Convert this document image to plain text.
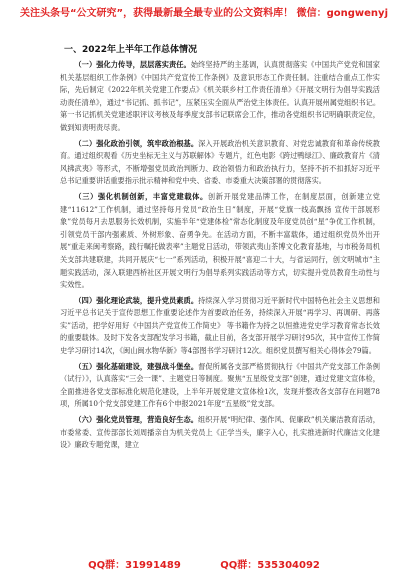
关注头条号“公文研究”，获得最新最全最专业的公文资料库！ 微信：gongwenyj
一、2022年上半年工作总体情况

（一）强化力传导，层层落实责任。始终坚持严的主基调，认真贯彻落实《中国共产党党和国家机关基层组织工作条例》《中国共产党宣传工作条例》及意识形态工作责任制。注重结合重点工作实际，先后制定《2022年机关党建工作要点》《机关联乡村工作责任清单》《开展文明行为倡导实践活动责任清单》，通过“书记抓、抓书记”，压紧压实全面从严治党主体责任。认真开展州属党组织书记。第一书记抓机关党建述职评议考核及每季度支部书记联席会工作，推动各党组织书记明确职责定位，做到知责明责尽责。

（二）强化政治引领，筑牢政治根基。深入开展政治机关意识教育、对党忠诚教育和革命传统教育。通过组织观看《历史坐标无主义与苏联解体》专题片，红色电影《跨过鸭绿江》、廉政教育片《清风拂武夷》等形式，不断增强党员政治判断力、政治领悟力和政治执行力，坚持不折不扣抓好习近平总书记重要讲话重要指示批示精神和党中央、省委、市委重大决策部署的贯彻落实。

（三）强化机制创新，丰富党建载体。创新开展党建品牌工作，在制度层面，创新建立党建“11612”工作机制，通过坚持每月党员“政治生日”制度，开展“党旗一线高飘扬 宣传干部展形象”党员每月去思服务长效机制，实施半年“党建体检”常态化制度及年度党员创“星”争优工作机制，引领党员干部内强素质、外树形象、奋勇争先。在活动方面，不断丰富载体，通过组织党员外出开展“重走来闽考察路，践行嘱托做表率”主题党日活动，带领武夷山茶博文化教育基地，与市税务局机关支部共建联建，共同开展庆“七一”系列活动，积极开展“喜迎二十大，与省运同行，创文明城市”主题实践活动，深入联建西桥社区开展文明行为倡导系列实践活动等方式，切实提升党员教育生动性与实效性。

（四）强化理论武装，提升党员素质。持续深入学习贯彻习近平新时代中国特色社会主义思想和习近平总书记关于宣传思想工作重要论述作为首要政治任务，持续深入开展“再学习、再调研、再落实”活动，把学好用好《中国共产党宣传工作简史》 等书籍作为持之以恒推进党史学习教育常态长效的重要载体。及时下发各支部配发学习书籍，截止目前，各支部开展学习研讨95次，其中宣传工作简史学习研讨14次，《闽山闽水物华新》等4部图书学习研讨12次。组织党员撰写相关心得体会79篇。

（五）强化基础建设，建强战斗堡垒。督促所属各支部严格贯彻执行《中国共产党支部工作条例（试行）》，认真落实“三会一课”、主题党日等制度。聚焦“五星级党支部”创建，通过党建文宣体检，全面推进各党支部标准化规范化建设，上半年开展党建文宣体检1次，发现并整改各支部存在问题78项，所属10个党支部党建工作有6个申报2021年度“五星级”党支部。

（六）强化党员管理，营造良好生态。组织开展“明纪律、强作风、促廉政”机关廉洁教育活动，市委常委、宣传部部长刘周播亲自为机关党员上《正学当头，廉字入心，扎实推进新时代廉洁文化建设》廉政专题党课，建立

QQ群：31991489	QQ群：535304092
